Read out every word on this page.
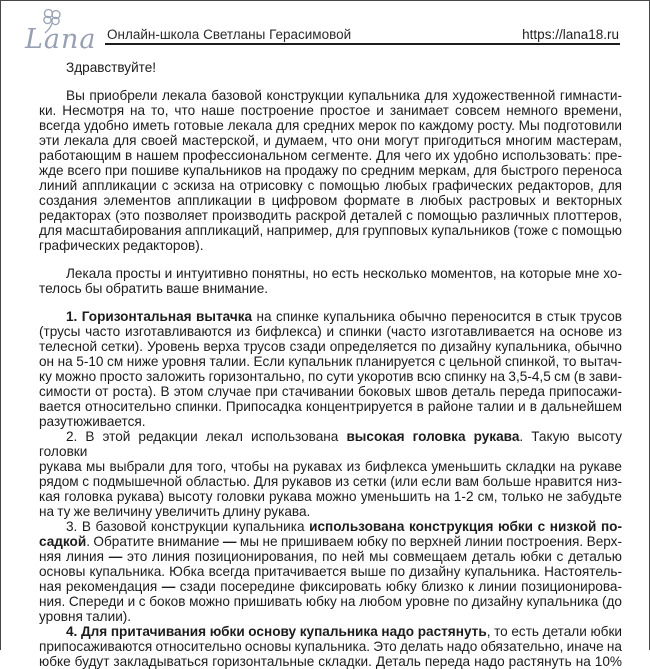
Lana Онлайн-школа Светланы Герасимовой	https://lana18.ru
Здравствуйте!
Вы приобрели лекала базовой конструкции купальника для художественной гимнасти-
ки. Несмотря на то, что наше построение простое и занимает совсем немного времени,
всегда удобно иметь готовые лекала для средних мерок по каждому росту. Мы подготовили
эти лекала для своей мастерской, и думаем, что они могут пригодиться многим мастерам,
работающим в нашем профессиональном сегменте. Для чего их удобно использовать: пре-
жде всего при пошиве купальников на продажу по средним меркам, для быстрого переноса
линий аппликации с эскиза на отрисовку с помощью любых графических редакторов, для
создания элементов аппликации в цифровом формате в любых растровых и векторных
редакторах (это позволяет производить раскрой деталей с помощью различных плоттеров,
для масштабирования аппликаций, например, для групповых купальников (тоже с помощью
графических редакторов).
Лекала просты и интуитивно понятны, но есть несколько моментов, на которые мне хо-
телось бы обратить ваше внимание.
1. Горизонтальная вытачка на спинке купальника обычно переносится в стык трусов
(трусы часто изготавливаются из бифлекса) и спинки (часто изготавливается на основе из
телесной сетки). Уровень верха трусов сзади определяется по дизайну купальника, обычно
он на 5-10 см ниже уровня талии. Если купальник планируется с цельной спинкой, то вытач-
ку можно просто заложить горизонтально, по сути укоротив всю спинку на 3,5-4,5 см (в зави-
симости от роста). В этом случае при стачивании боковых швов деталь переда припосажи-
вается относительно спинки. Припосадка концентрируется в районе талии и в дальнейшем
разутюживается.
2. В этой редакции лекал использована высокая головка рукава. Такую высоту головки
рукава мы выбрали для того, чтобы на рукавах из бифлекса уменьшить складки на рукаве
рядом с подмышечной областью. Для рукавов из сетки (или если вам больше нравится низ-
кая головка рукава) высоту головки рукава можно уменьшить на 1-2 см, только не забудьте
на ту же величину увеличить длину рукава.
3. В базовой конструкции купальника использована конструкция юбки с низкой по-
садкой. Обратите внимание — мы не пришиваем юбку по верхней линии построения. Верх-
няя линия — это линия позиционирования, по ней мы совмещаем деталь юбки с деталью
основы купальника. Юбка всегда притачивается выше по дизайну купальника. Настоятель-
ная рекомендация — сзади посередине фиксировать юбку близко к линии позиционирова-
ния. Спереди и с боков можно пришивать юбку на любом уровне по дизайну купальника (до
уровня талии).
4. Для притачивания юбки основу купальника надо растянуть, то есть детали юбки
припосаживаются относительно основы купальника. Это делать надо обязательно, иначе на
юбке будут закладываться горизонтальные складки. Деталь переда надо растянуть на 10%
